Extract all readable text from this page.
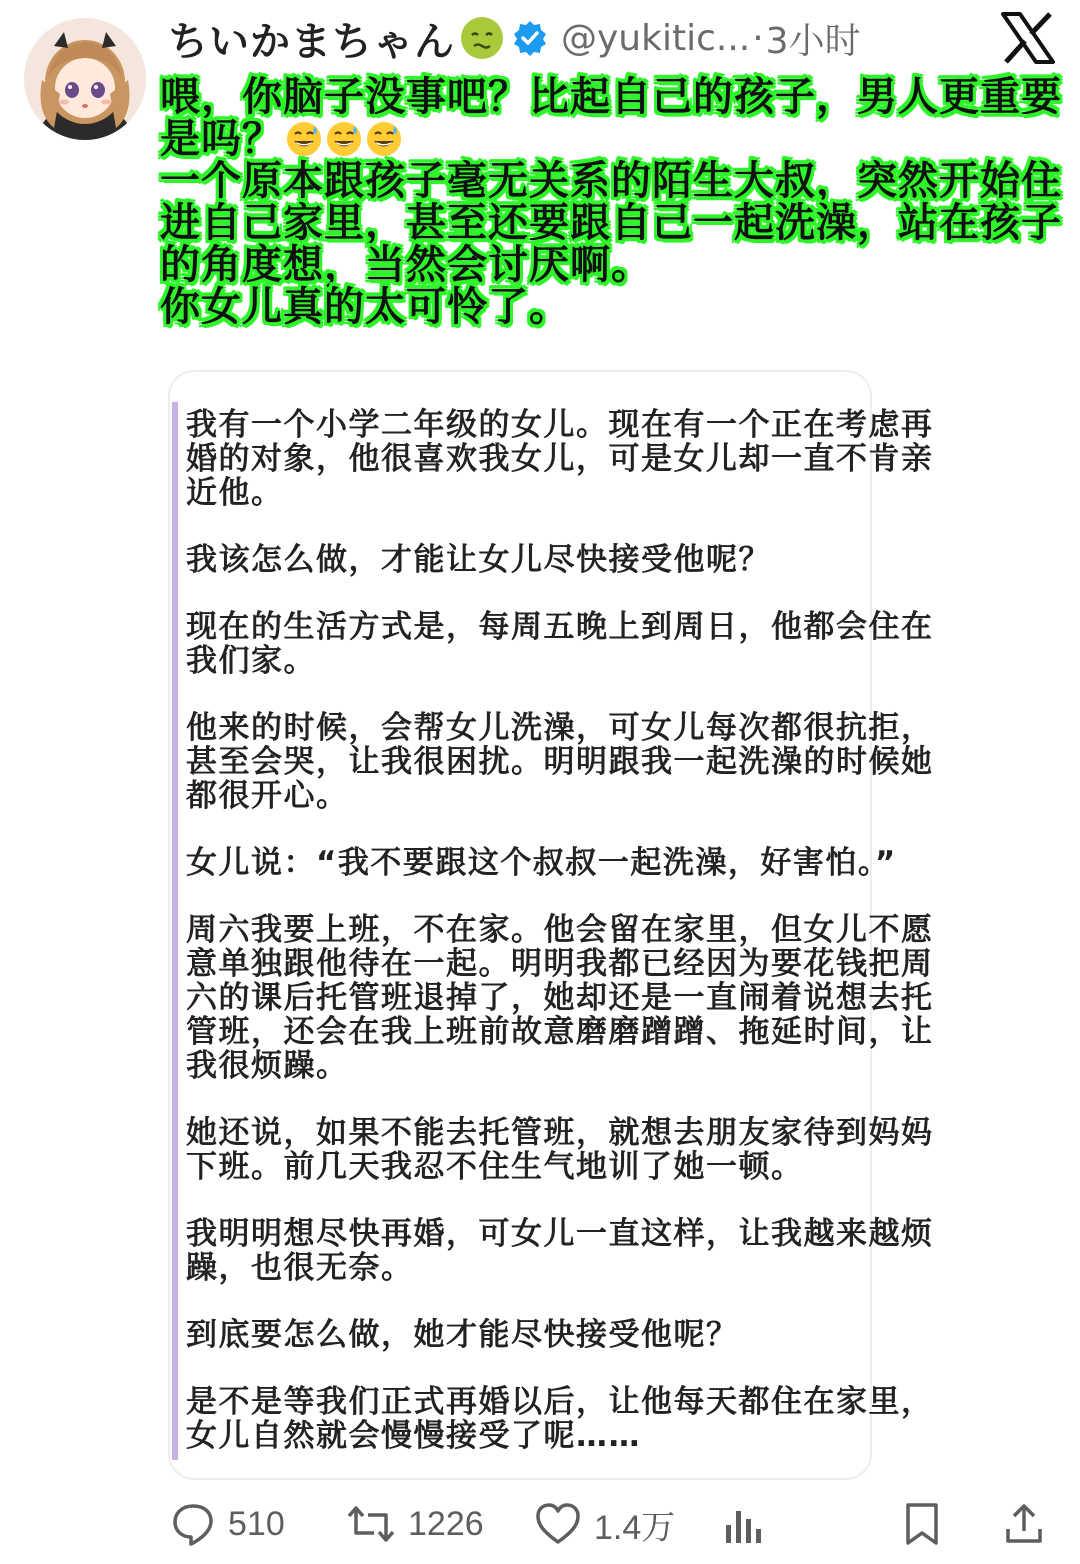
ちいかまちゃん	@yukitic... · 3小时
喂，你脑子没事吧？比起自己的孩子，男人更重要
是吗？
一个原本跟孩子毫无关系的陌生大叔，突然开始住
进自己家里，甚至还要跟自己一起洗澡，站在孩子
的角度想，当然会讨厌啊。
你女儿真的太可怜了。

我有一个小学二年级的女儿。现在有一个正在考虑再婚的对象，他很喜欢我女儿，可是女儿却一直不肯亲近他。

我该怎么做，才能让女儿尽快接受他呢？

现在的生活方式是，每周五晚上到周日，他都会住在我们家。

他来的时候，会帮女儿洗澡，可女儿每次都很抗拒，甚至会哭，让我很困扰。明明跟我一起洗澡的时候她都很开心。

女儿说：“我不要跟这个叔叔一起洗澡，好害怕。”

周六我要上班，不在家。他会留在家里，但女儿不愿意单独跟他待在一起。明明我都已经因为要花钱把周六的课后托管班退掉了，她却还是一直闹着说想去托管班，还会在我上班前故意磨磨蹭蹭、拖延时间，让我很烦躁。

她还说，如果不能去托管班，就想去朋友家待到妈妈下班。前几天我忍不住生气地训了她一顿。

我明明想尽快再婚，可女儿一直这样，让我越来越烦躁，也很无奈。

到底要怎么做，她才能尽快接受他呢？

是不是等我们正式再婚以后，让他每天都住在家里，女儿自然就会慢慢接受了呢……

510	1226	1.4万
